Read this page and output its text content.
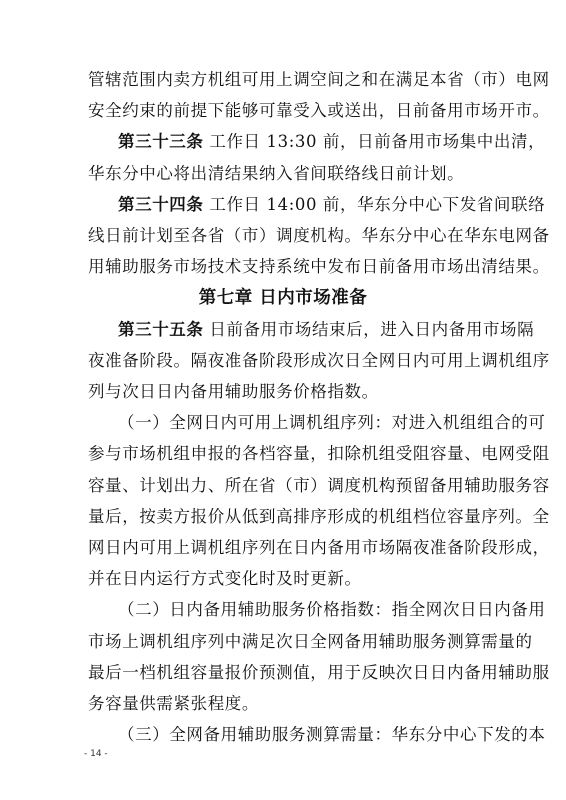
管辖范围内卖方机组可用上调空间之和在满足本省（市）电网
安全约束的前提下能够可靠受入或送出，日前备用市场开市。
第三十三条 工作日 13:30 前，日前备用市场集中出清，
华东分中心将出清结果纳入省间联络线日前计划。
第三十四条 工作日 14:00 前，华东分中心下发省间联络
线日前计划至各省（市）调度机构。华东分中心在华东电网备
用辅助服务市场技术支持系统中发布日前备用市场出清结果。
第七章 日内市场准备
第三十五条 日前备用市场结束后，进入日内备用市场隔
夜准备阶段。隔夜准备阶段形成次日全网日内可用上调机组序
列与次日日内备用辅助服务价格指数。
（一）全网日内可用上调机组序列：对进入机组组合的可
参与市场机组申报的各档容量，扣除机组受阻容量、电网受阻
容量、计划出力、所在省（市）调度机构预留备用辅助服务容
量后，按卖方报价从低到高排序形成的机组档位容量序列。全
网日内可用上调机组序列在日内备用市场隔夜准备阶段形成，
并在日内运行方式变化时及时更新。
（二）日内备用辅助服务价格指数：指全网次日日内备用
市场上调机组序列中满足次日全网备用辅助服务测算需量的
最后一档机组容量报价预测值，用于反映次日日内备用辅助服
务容量供需紧张程度。
（三）全网备用辅助服务测算需量：华东分中心下发的本
- 14 -
